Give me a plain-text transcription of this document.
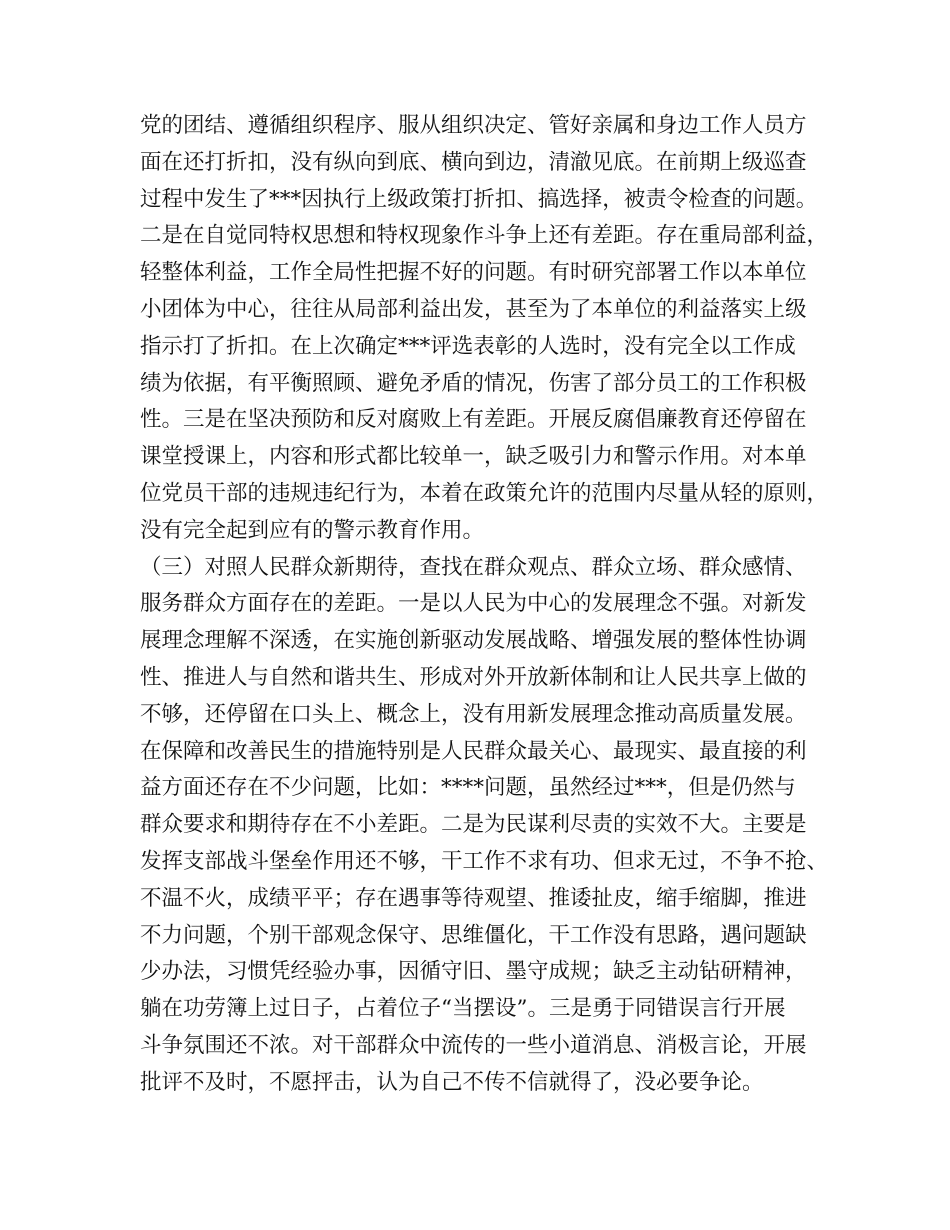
党的团结、遵循组织程序、服从组织决定、管好亲属和身边工作人员方
面在还打折扣，没有纵向到底、横向到边，清澈见底。在前期上级巡查
过程中发生了***因执行上级政策打折扣、搞选择，被责令检查的问题。
二是在自觉同特权思想和特权现象作斗争上还有差距。存在重局部利益，
轻整体利益，工作全局性把握不好的问题。有时研究部署工作以本单位
小团体为中心，往往从局部利益出发，甚至为了本单位的利益落实上级
指示打了折扣。在上次确定***评选表彰的人选时，没有完全以工作成
绩为依据，有平衡照顾、避免矛盾的情况，伤害了部分员工的工作积极
性。三是在坚决预防和反对腐败上有差距。开展反腐倡廉教育还停留在
课堂授课上，内容和形式都比较单一，缺乏吸引力和警示作用。对本单
位党员干部的违规违纪行为，本着在政策允许的范围内尽量从轻的原则，
没有完全起到应有的警示教育作用。
（三）对照人民群众新期待，查找在群众观点、群众立场、群众感情、
服务群众方面存在的差距。一是以人民为中心的发展理念不强。对新发
展理念理解不深透，在实施创新驱动发展战略、增强发展的整体性协调
性、推进人与自然和谐共生、形成对外开放新体制和让人民共享上做的
不够，还停留在口头上、概念上，没有用新发展理念推动高质量发展。
在保障和改善民生的措施特别是人民群众最关心、最现实、最直接的利
益方面还存在不少问题，比如：****问题，虽然经过***，但是仍然与
群众要求和期待存在不小差距。二是为民谋利尽责的实效不大。主要是
发挥支部战斗堡垒作用还不够，干工作不求有功、但求无过，不争不抢、
不温不火，成绩平平；存在遇事等待观望、推诿扯皮，缩手缩脚，推进
不力问题，个别干部观念保守、思维僵化，干工作没有思路，遇问题缺
少办法，习惯凭经验办事，因循守旧、墨守成规；缺乏主动钻研精神，
躺在功劳簿上过日子，占着位子“当摆设”。三是勇于同错误言行开展
斗争氛围还不浓。对干部群众中流传的一些小道消息、消极言论，开展
批评不及时，不愿抨击，认为自己不传不信就得了，没必要争论。
